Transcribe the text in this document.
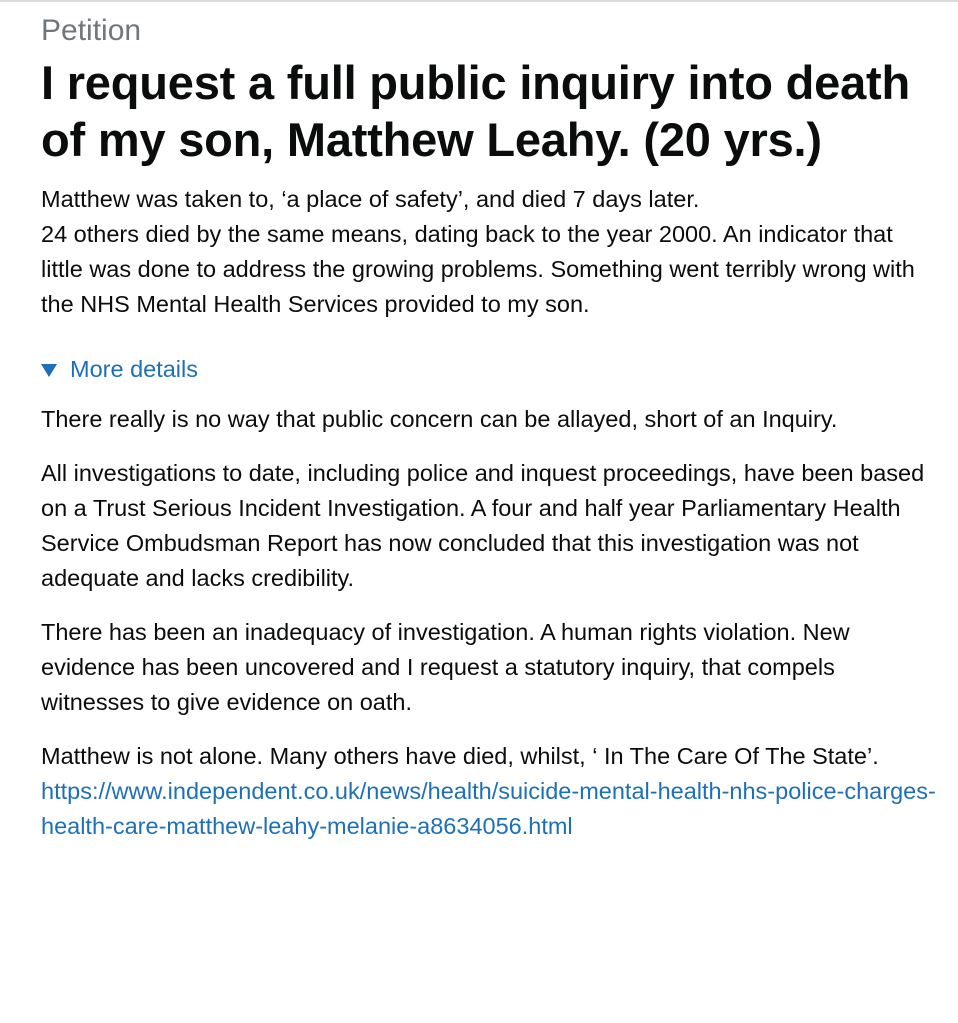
Petition
I request a full public inquiry into death of my son, Matthew Leahy. (20 yrs.)

Matthew was taken to, ‘a place of safety’, and died 7 days later.

24 others died by the same means, dating back to the year 2000. An indicator that little was done to address the growing problems. Something went terribly wrong with the NHS Mental Health Services provided to my son.

More details

There really is no way that public concern can be allayed, short of an Inquiry.

All investigations to date, including police and inquest proceedings, have been based on a Trust Serious Incident Investigation. A four and half year Parliamentary Health Service Ombudsman Report has now concluded that this investigation was not adequate and lacks credibility.

There has been an inadequacy of investigation. A human rights violation. New evidence has been uncovered and I request a statutory inquiry, that compels witnesses to give evidence on oath.

Matthew is not alone. Many others have died, whilst, ‘ In The Care Of The State’.
https://www.independent.co.uk/news/health/suicide-mental-health-nhs-police-charges-health-care-matthew-leahy-melanie-a8634056.html
